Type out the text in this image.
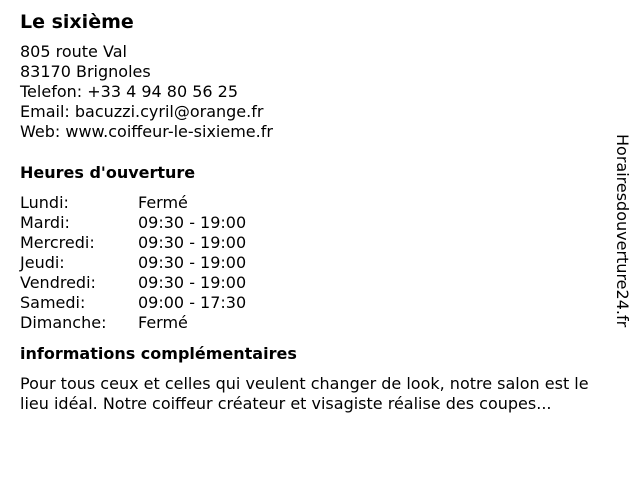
Le sixième
805 route Val
83170 Brignoles
Telefon: +33 4 94 80 56 25
Email: bacuzzi.cyril@orange.fr
Web: www.coiffeur-le-sixieme.fr
Heures d'ouverture
Lundi:	Fermé
Mardi:	09:30 - 19:00
Mercredi:	09:30 - 19:00
Jeudi:	09:30 - 19:00
Vendredi:	09:30 - 19:00
Samedi:	09:00 - 17:30
Dimanche:	Fermé
informations complémentaires

Pour tous ceux et celles qui veulent changer de look, notre salon est le lieu idéal. Notre coiffeur créateur et visagiste réalise des coupes...

Horairesdouverture24.fr
